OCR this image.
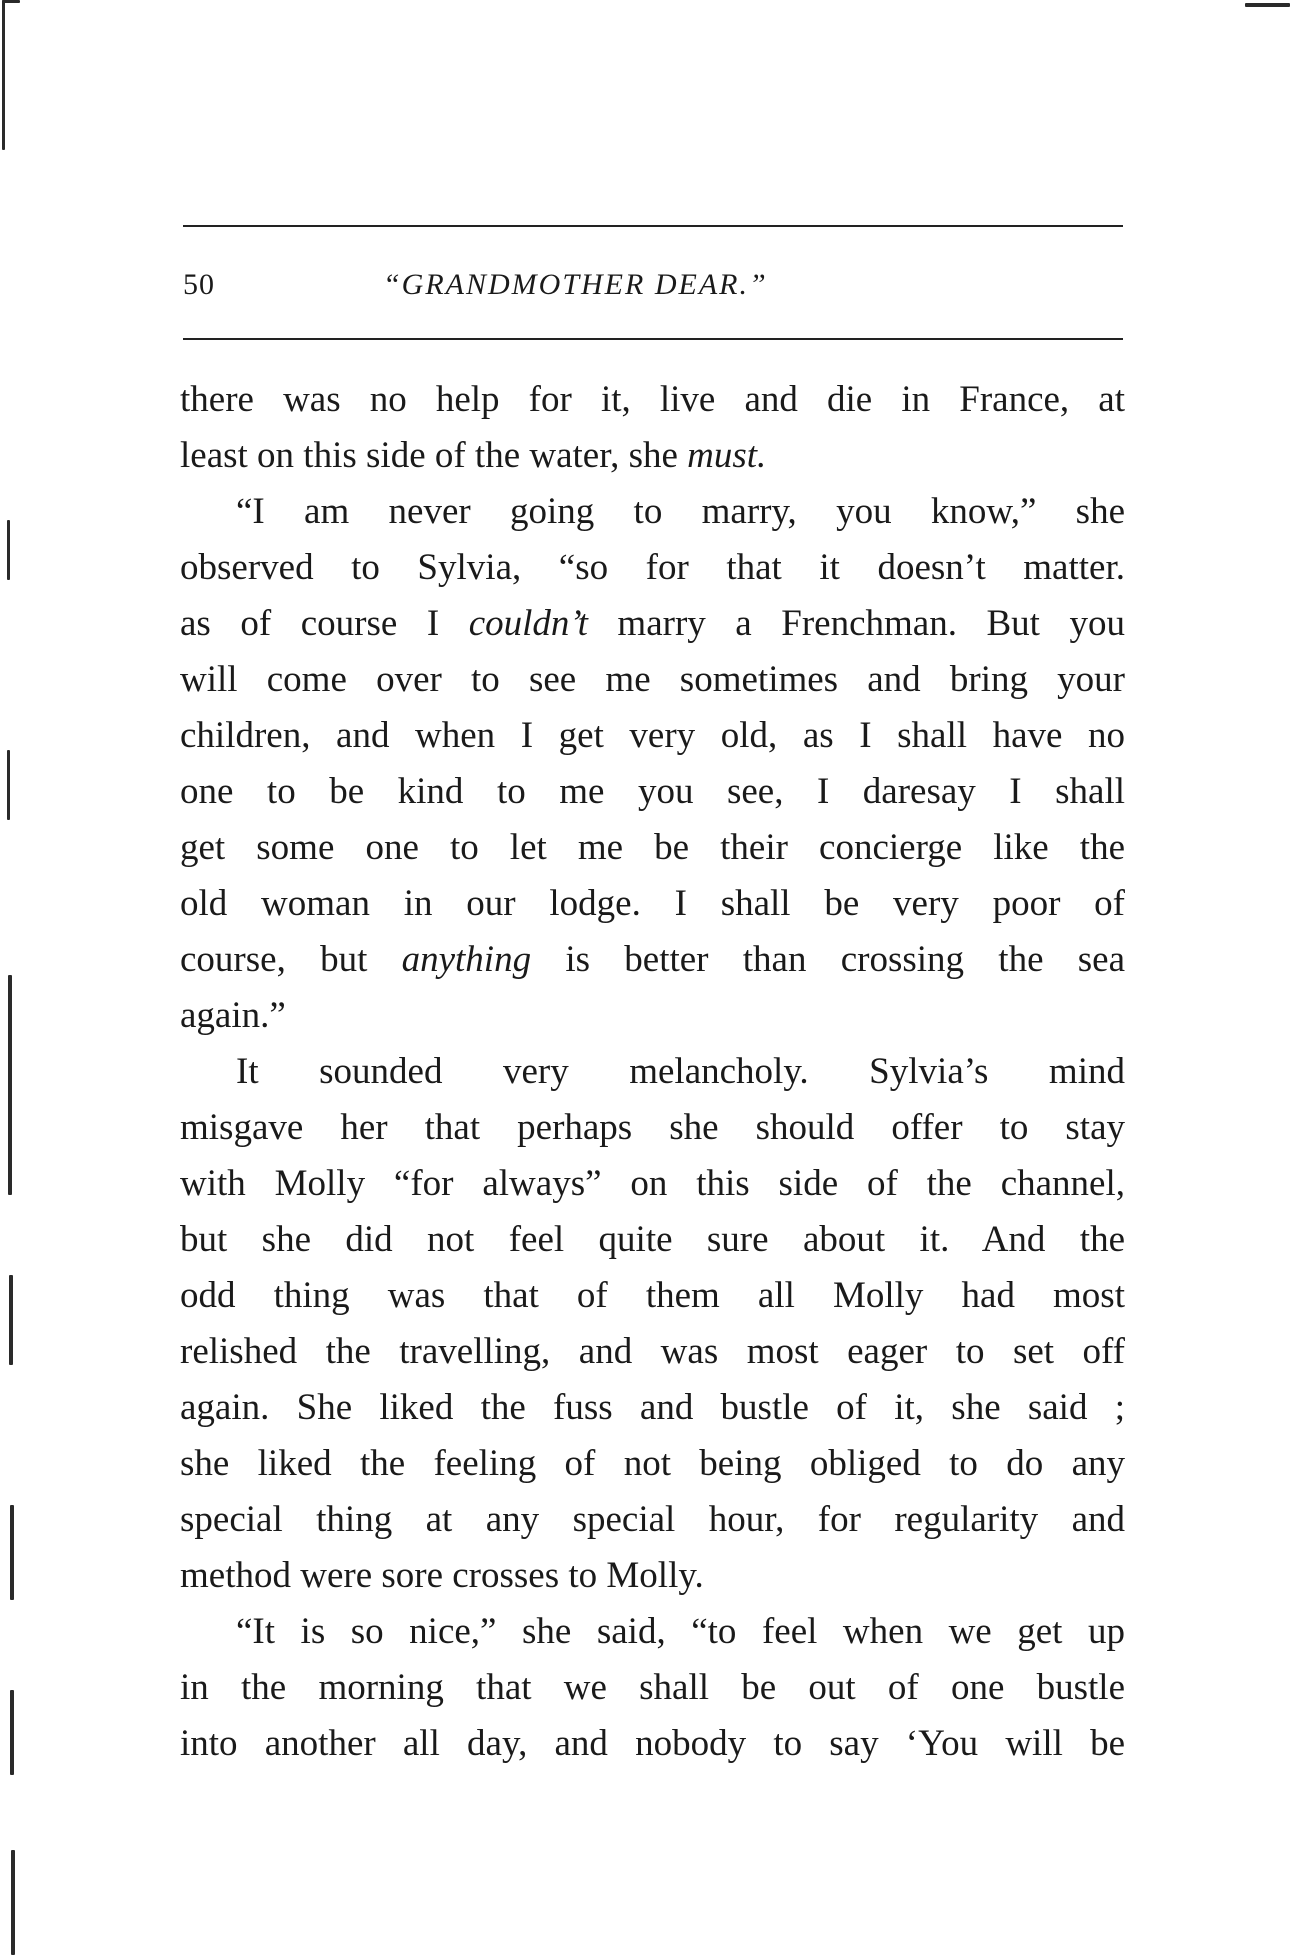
50	“GRANDMOTHER DEAR.”

there was no help for it, live and die in France, at
least on this side of the water, she must.

“I am never going to marry, you know,” she
observed to Sylvia, “so for that it doesn’t matter.
as of course I couldn’t marry a Frenchman. But you
will come over to see me sometimes and bring your
children, and when I get very old, as I shall have no
one to be kind to me you see, I daresay I shall
get some one to let me be their concierge like the
old woman in our lodge. I shall be very poor of
course, but anything is better than crossing the sea
again.”

It sounded very melancholy. Sylvia’s mind
misgave her that perhaps she should offer to stay
with Molly “for always” on this side of the channel,
but she did not feel quite sure about it. And the
odd thing was that of them all Molly had most
relished the travelling, and was most eager to set off
again. She liked the fuss and bustle of it, she said ;
she liked the feeling of not being obliged to do any
special thing at any special hour, for regularity and
method were sore crosses to Molly.

“It is so nice,” she said, “to feel when we get up
in the morning that we shall be out of one bustle
into another all day, and nobody to say ‘You will be
